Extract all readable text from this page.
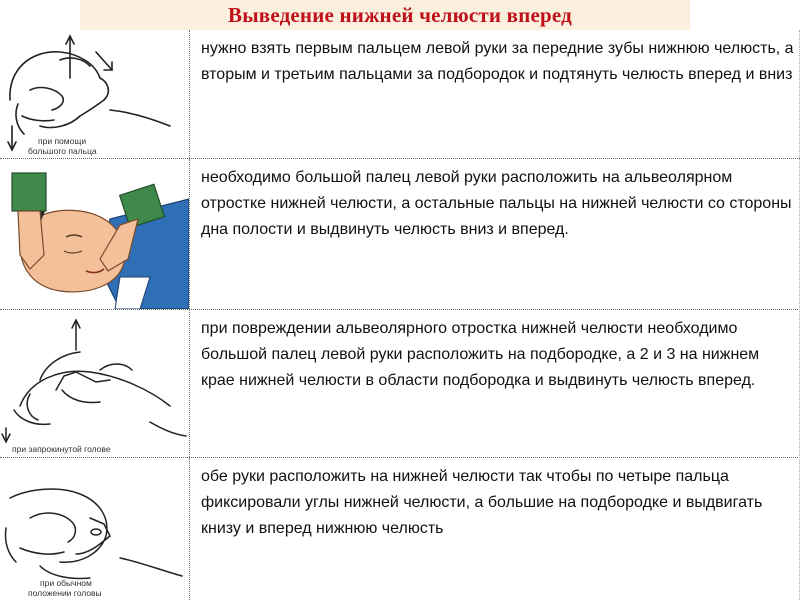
Выведение нижней челюсти вперед
при помощи
большого пальца

нужно взять первым пальцем левой руки за передние зубы нижнюю челюсть, а вторым и третьим пальцами за подбородок и подтянуть челюсть вперед и вниз

необходимо большой палец левой руки расположить на альвеолярном отростке нижней челюсти, а остальные пальцы на нижней челюсти со стороны дна полости и выдвинуть челюсть вниз и вперед.

при запрокинутой голове

при повреждении альвеолярного отростка нижней челюсти необходимо большой палец левой руки расположить на подбородке, а 2 и 3 на нижнем крае нижней челюсти в области подбородка и выдвинуть челюсть вперед.

при обычном
положении головы

обе руки расположить на нижней челюсти так чтобы по четыре пальца фиксировали углы нижней челюсти, а большие на подбородке и выдвигать книзу и вперед нижнюю челюсть
